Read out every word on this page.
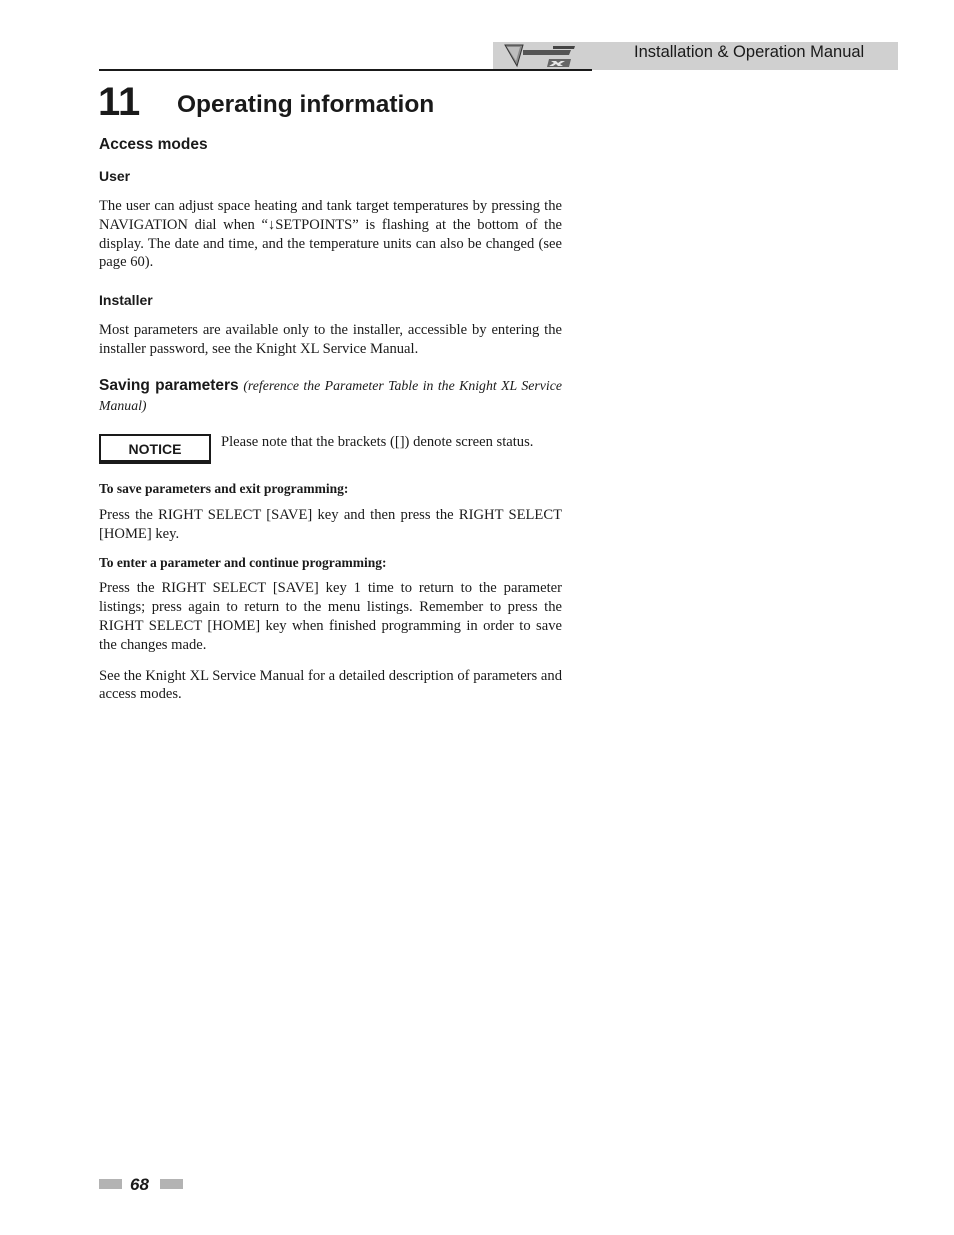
Installation & Operation Manual
11 Operating information

Access modes

User

The user can adjust space heating and tank target temperatures by pressing the NAVIGATION dial when “↓SETPOINTS” is flashing at the bottom of the display. The date and time, and the temperature units can also be changed (see page 60).

Installer

Most parameters are available only to the installer, accessible by entering the installer password, see the Knight XL Service Manual.

Saving parameters (reference the Parameter Table in the Knight XL Service Manual)

NOTICE	Please note that the brackets ([]) denote screen status.

To save parameters and exit programming:

Press the RIGHT SELECT [SAVE] key and then press the RIGHT SELECT [HOME] key.

To enter a parameter and continue programming:

Press the RIGHT SELECT [SAVE] key 1 time to return to the parameter listings; press again to return to the menu listings. Remember to press the RIGHT SELECT [HOME] key when finished programming in order to save the changes made.

See the Knight XL Service Manual for a detailed description of parameters and access modes.

68
